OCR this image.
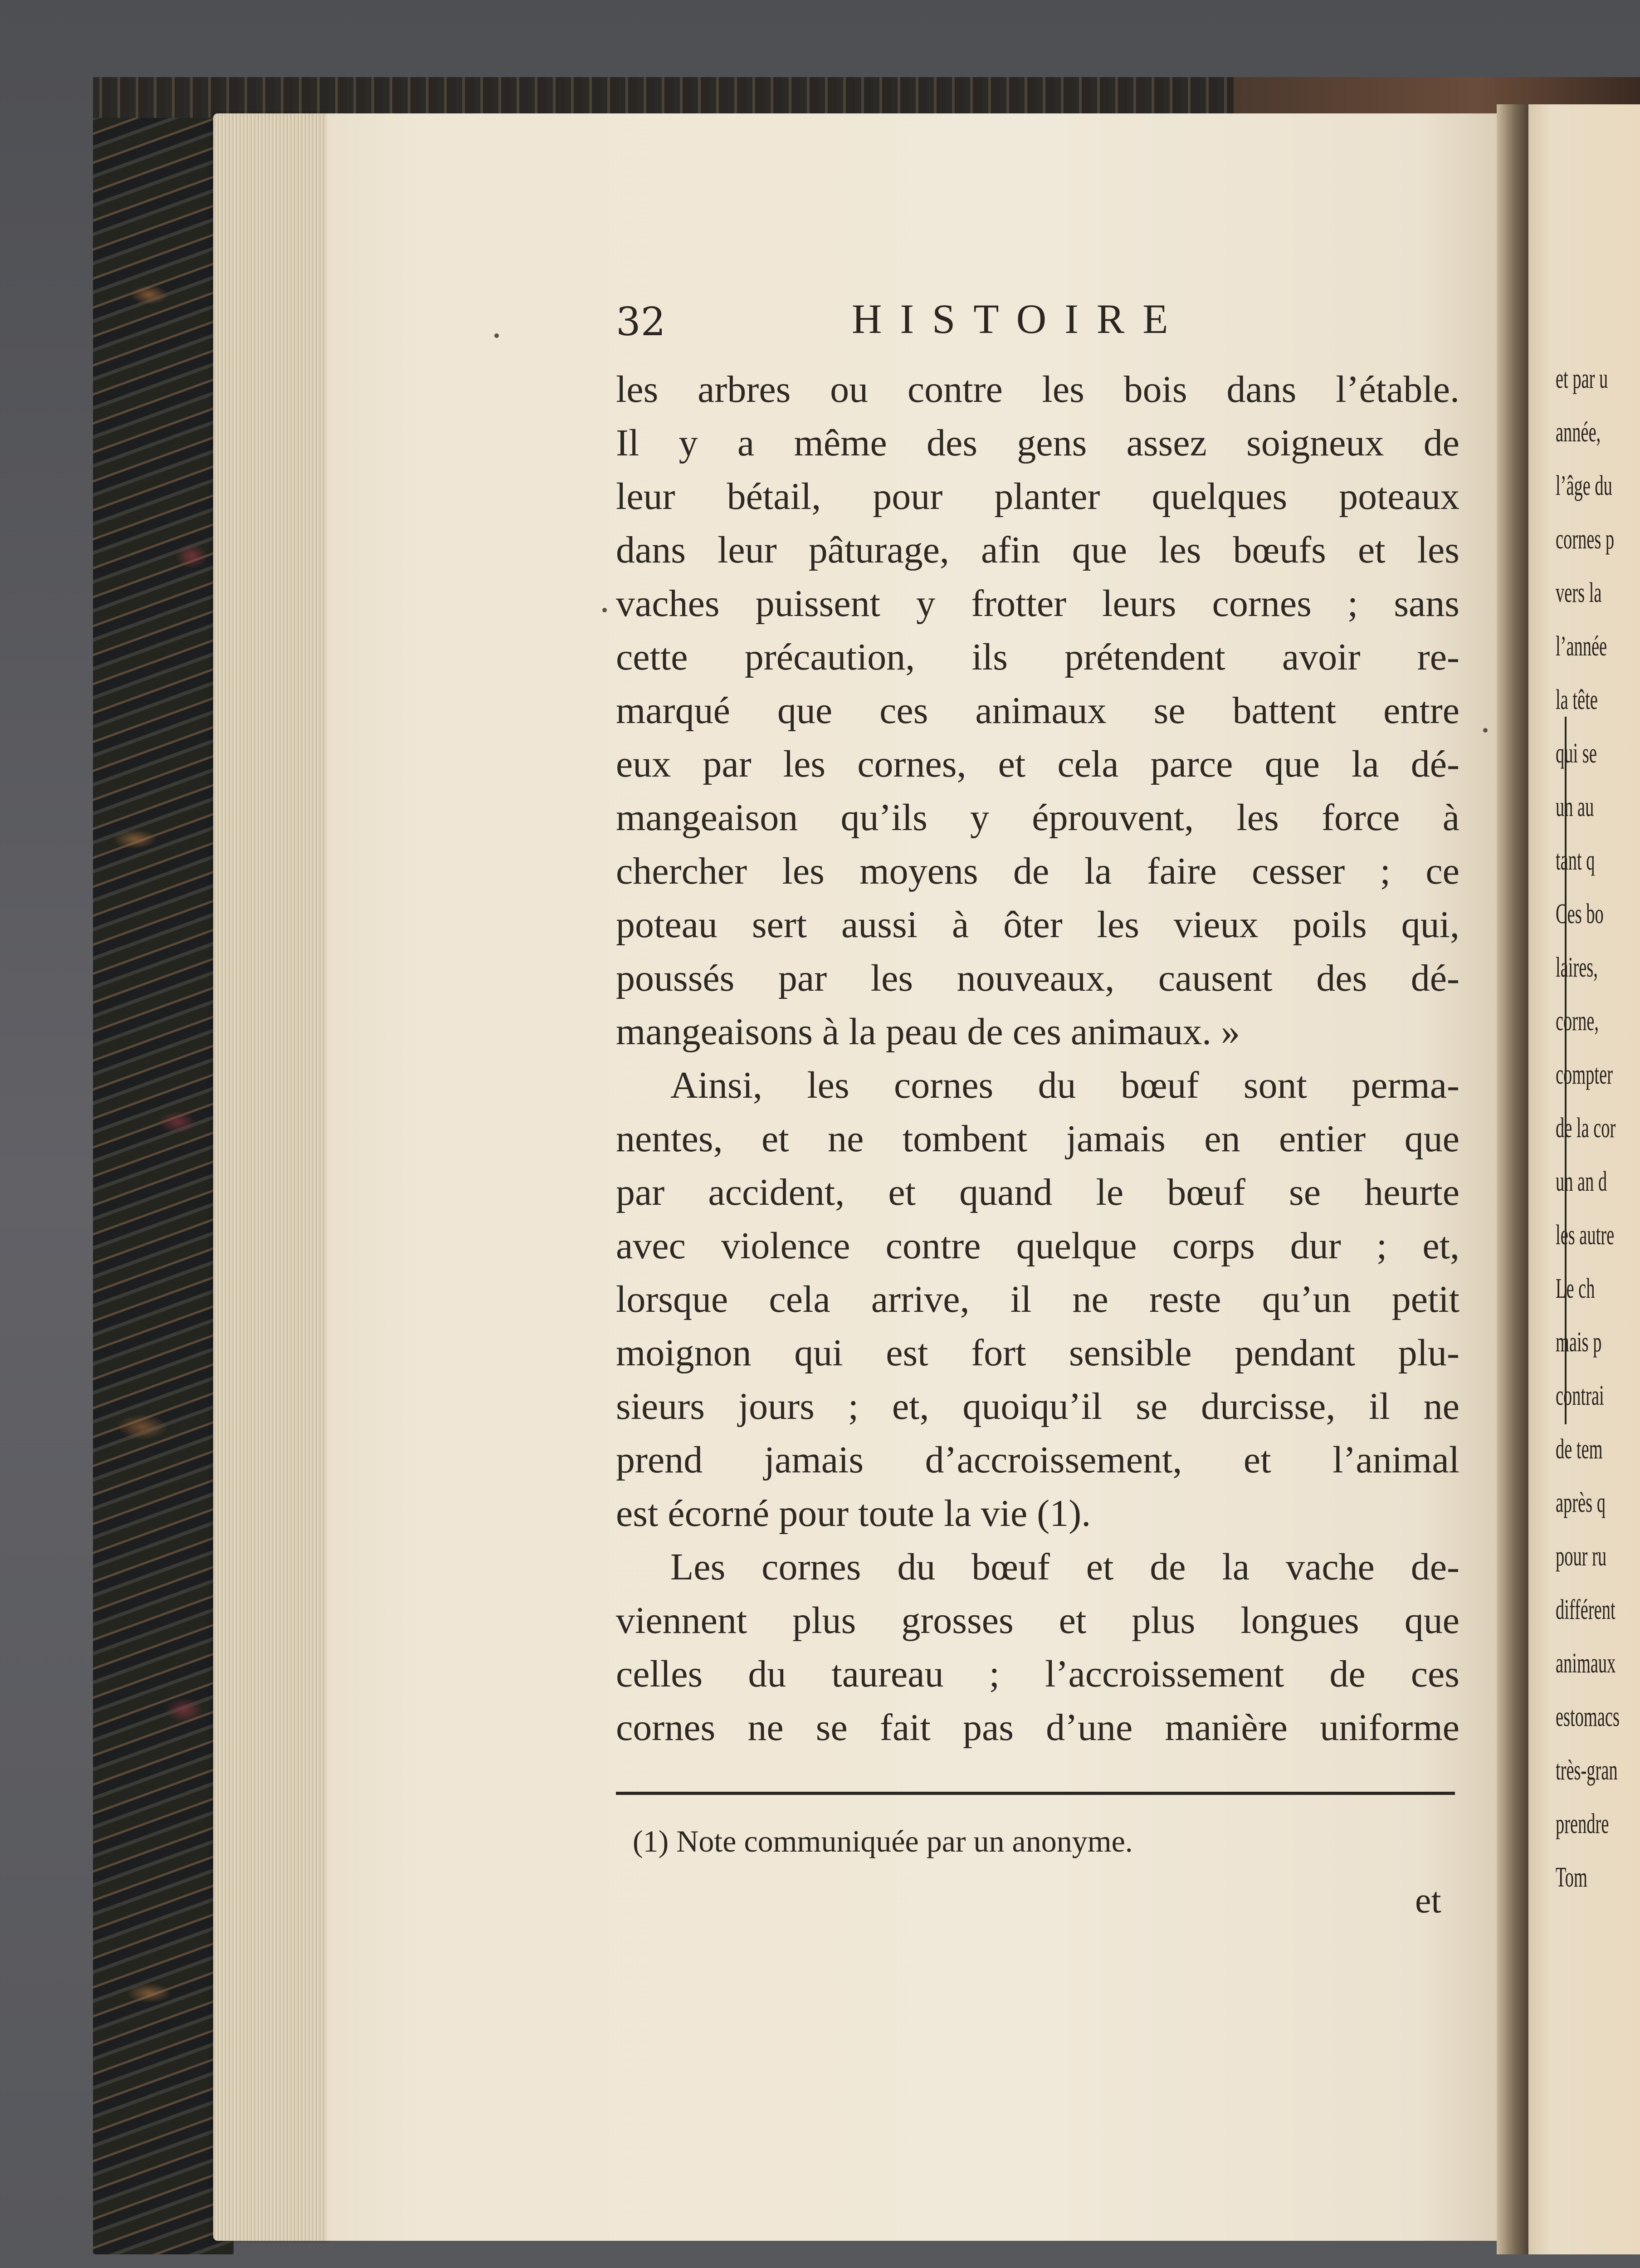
et par u
année,
l’âge du
cornes p
vers la
l’année
la tête
qui se
un au
tant q
Ces bo
laires,
corne,
compter
de la cor
un an d
les autre
Le ch
mais p
contrai
de tem
après q
pour ru
différent
animaux
estomacs
très-gran
prendre
Tom
32	HISTOIRE
les arbres ou contre les bois dans l’étable.
Il y a même des gens assez soigneux de
leur bétail, pour planter quelques poteaux
dans leur pâturage, afin que les bœufs et les
vaches puissent y frotter leurs cornes ; sans
cette précaution, ils prétendent avoir re-
marqué que ces animaux se battent entre
eux par les cornes, et cela parce que la dé-
mangeaison qu’ils y éprouvent, les force à
chercher les moyens de la faire cesser ; ce
poteau sert aussi à ôter les vieux poils qui,
poussés par les nouveaux, causent des dé-
mangeaisons à la peau de ces animaux. »
Ainsi, les cornes du bœuf sont perma-
nentes, et ne tombent jamais en entier que
par accident, et quand le bœuf se heurte
avec violence contre quelque corps dur ; et,
lorsque cela arrive, il ne reste qu’un petit
moignon qui est fort sensible pendant plu-
sieurs jours ; et, quoiqu’il se durcisse, il ne
prend jamais d’accroissement, et l’animal
est écorné pour toute la vie (1).
Les cornes du bœuf et de la vache de-
viennent plus grosses et plus longues que
celles du taureau ; l’accroissement de ces
cornes ne se fait pas d’une manière uniforme
(1) Note communiquée par un anonyme.
et
